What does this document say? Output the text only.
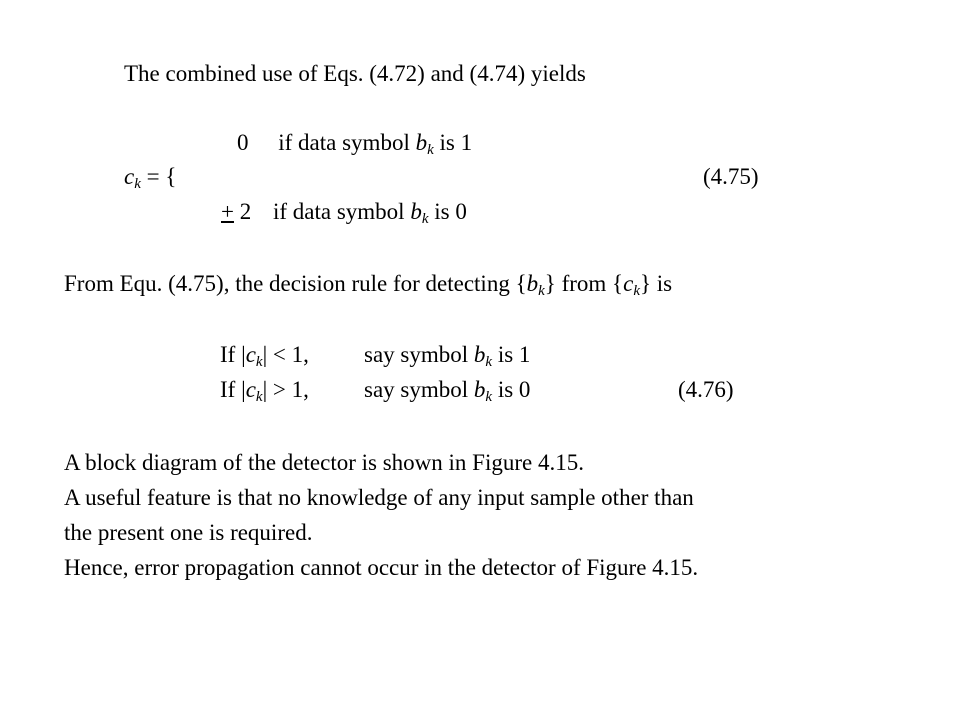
The combined use of Eqs. (4.72) and (4.74) yields
0 if data symbol $b_k$ is 1
$c_k$ = {	(4.75)
+ 2 if data symbol $b_k$ is 0
From Equ. (4.75), the decision rule for detecting $\{b_k\}$ from $\{c_k\}$ is
If $|c_k| < 1$, say symbol $b_k$ is 1
If $|c_k| > 1$, say symbol $b_k$ is 0	(4.76)
A block diagram of the detector is shown in Figure 4.15.
A useful feature is that no knowledge of any input sample other than
the present one is required.
Hence, error propagation cannot occur in the detector of Figure 4.15.
